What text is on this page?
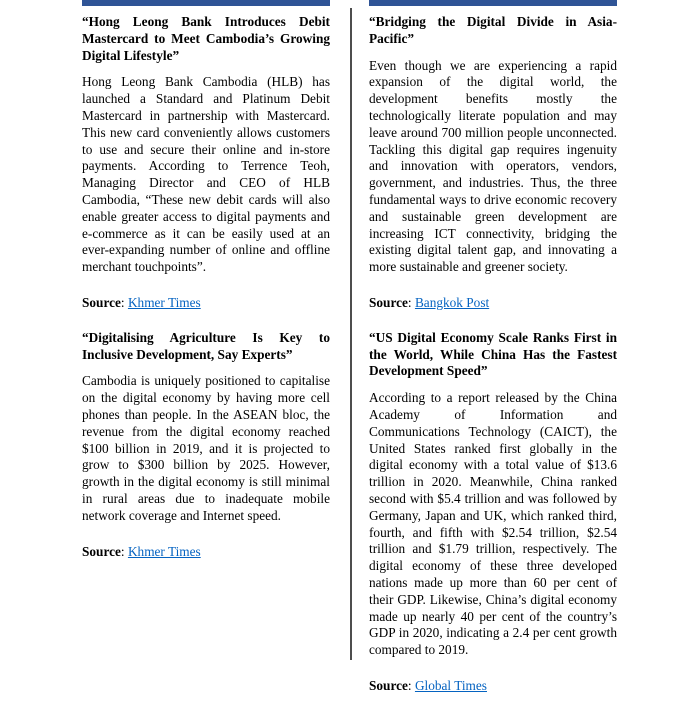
“Hong Leong Bank Introduces Debit Mastercard to Meet Cambodia’s Growing Digital Lifestyle”

Hong Leong Bank Cambodia (HLB) has launched a Standard and Platinum Debit Mastercard in partnership with Mastercard. This new card conveniently allows customers to use and secure their online and in-store payments. According to Terrence Teoh, Managing Director and CEO of HLB Cambodia, “These new debit cards will also enable greater access to digital payments and e-commerce as it can be easily used at an ever-expanding number of online and offline merchant touchpoints”.

Source: Khmer Times

“Digitalising Agriculture Is Key to Inclusive Development, Say Experts”

Cambodia is uniquely positioned to capitalise on the digital economy by having more cell phones than people. In the ASEAN bloc, the revenue from the digital economy reached $100 billion in 2019, and it is projected to grow to $300 billion by 2025. However, growth in the digital economy is still minimal in rural areas due to inadequate mobile network coverage and Internet speed.

Source: Khmer Times

“Bridging the Digital Divide in Asia-Pacific”

Even though we are experiencing a rapid expansion of the digital world, the development benefits mostly the technologically literate population and may leave around 700 million people unconnected. Tackling this digital gap requires ingenuity and innovation with operators, vendors, government, and industries. Thus, the three fundamental ways to drive economic recovery and sustainable green development are increasing ICT connectivity, bridging the existing digital talent gap, and innovating a more sustainable and greener society.

Source: Bangkok Post

“US Digital Economy Scale Ranks First in the World, While China Has the Fastest Development Speed”

According to a report released by the China Academy of Information and Communications Technology (CAICT), the United States ranked first globally in the digital economy with a total value of $13.6 trillion in 2020. Meanwhile, China ranked second with $5.4 trillion and was followed by Germany, Japan and UK, which ranked third, fourth, and fifth with $2.54 trillion, $2.54 trillion and $1.79 trillion, respectively. The digital economy of these three developed nations made up more than 60 per cent of their GDP. Likewise, China’s digital economy made up nearly 40 per cent of the country’s GDP in 2020, indicating a 2.4 per cent growth compared to 2019.

Source: Global Times
